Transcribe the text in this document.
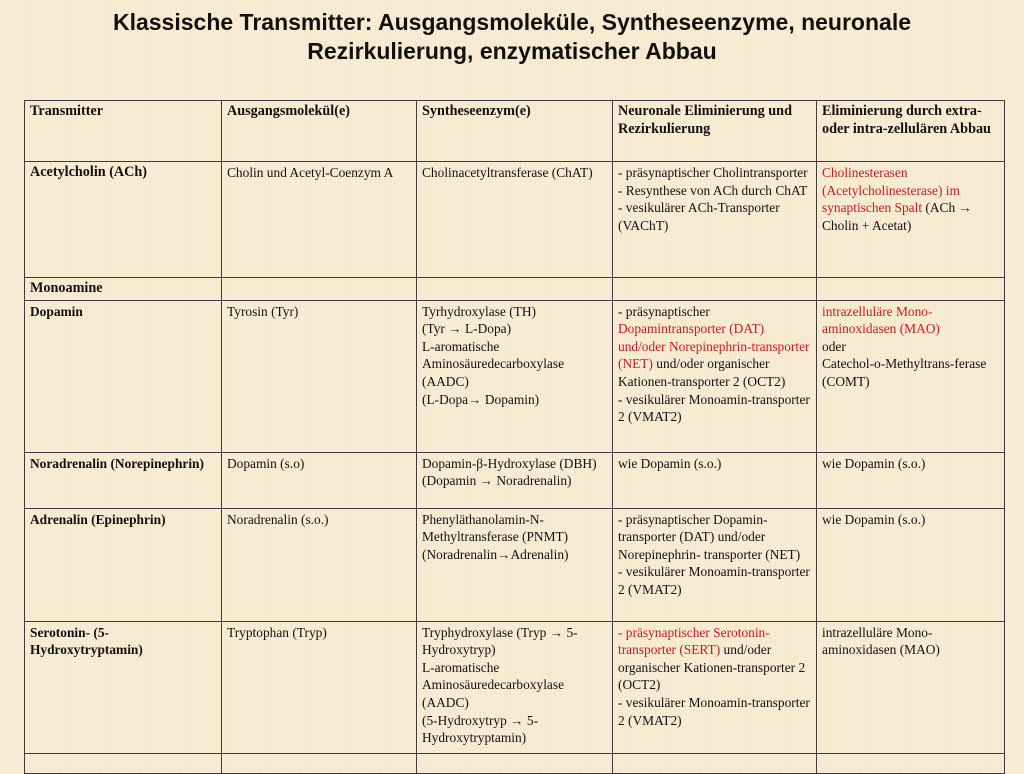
Klassische Transmitter: Ausgangsmoleküle, Syntheseenzyme, neuronale
Rezirkulierung, enzymatischer Abbau
Transmitter	Ausgangsmolekül(e)	Syntheseenzym(e)	Neuronale Eliminierung und Rezirkulierung	Eliminierung durch extra- oder intra-zellulären Abbau
Acetylcholin (ACh)	Cholin und Acetyl-Coenzym A	Cholinacetyltransferase (ChAT)	- präsynaptischer Cholintransporter
- Resynthese von ACh durch ChAT
- vesikulärer ACh-Transporter (VAChT)	Cholinesterasen (Acetylcholinesterase) im synaptischen Spalt (ACh → Cholin + Acetat)
Monoamine				
Dopamin	Tyrosin (Tyr)	Tyrhydroxylase (TH)
(Tyr → L-Dopa)
L-aromatische Aminosäuredecarboxylase (AADC)
(L-Dopa→ Dopamin)	- präsynaptischer Dopamintransporter (DAT) und/oder Norepinephrin-transporter (NET) und/oder organischer Kationen-transporter 2 (OCT2)
- vesikulärer Monoamin-transporter 2 (VMAT2)	intrazelluläre Mono-aminoxidasen (MAO)
oder
Catechol-o-Methyltrans-ferase (COMT)

Noradrenalin (Norepinephrin)	Dopamin (s.o)	Dopamin-β-Hydroxylase (DBH) (Dopamin → Noradrenalin)	wie Dopamin (s.o.)	wie Dopamin (s.o.)
Adrenalin (Epinephrin)	Noradrenalin (s.o.)	Phenyläthanolamin-N-Methyltransferase (PNMT) (Noradrenalin→Adrenalin)	- präsynaptischer Dopamin-transporter (DAT) und/oder Norepinephrin- transporter (NET)
- vesikulärer Monoamin-transporter 2 (VMAT2)	wie Dopamin (s.o.)
Serotonin- (5-Hydroxytryptamin)	Tryptophan (Tryp)	Tryphydroxylase (Tryp → 5-Hydroxytryp)
L-aromatische Aminosäuredecarboxylase (AADC)
(5-Hydroxytryp → 5-Hydroxytryptamin)	- präsynaptischer Serotonin-transporter (SERT) und/oder organischer Kationen-transporter 2 (OCT2)
- vesikulärer Monoamin-transporter 2 (VMAT2)	intrazelluläre Mono-aminoxidasen (MAO)
